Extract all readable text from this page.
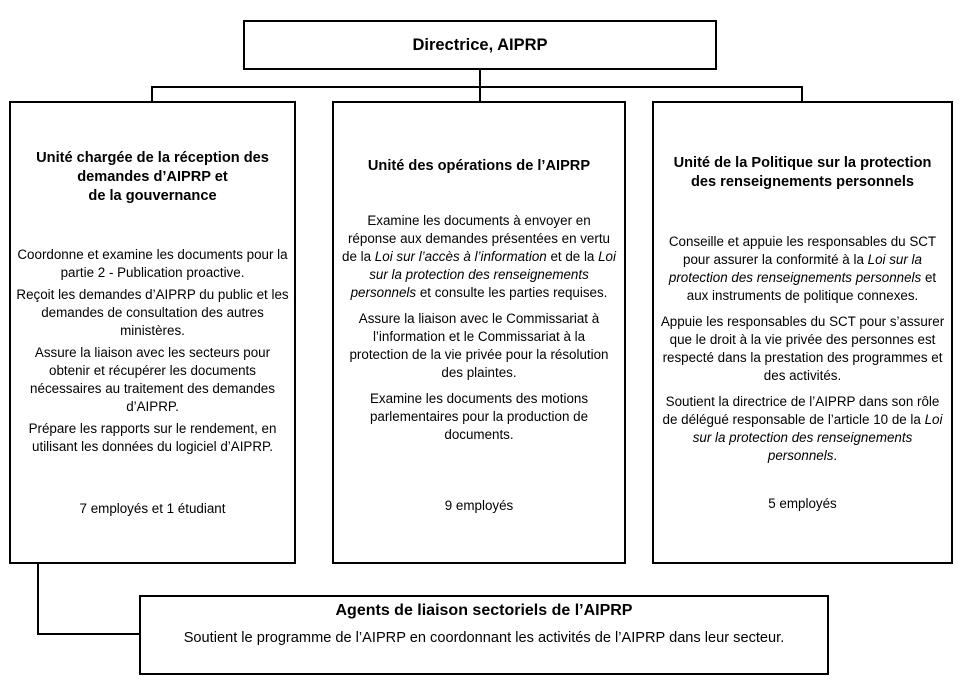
Directrice, AIPRP
Unité chargée de la réception des
demandes d’AIPRP et
de la gouvernance
Coordonne et examine les documents pour la partie 2 - Publication proactive.
Reçoit les demandes d’AIPRP du public et les demandes de consultation des autres ministères.
Assure la liaison avec les secteurs pour obtenir et récupérer les documents nécessaires au traitement des demandes d’AIPRP.
Prépare les rapports sur le rendement, en utilisant les données du logiciel d’AIPRP.
7 employés et 1 étudiant
Unité des opérations de l’AIPRP
Examine les documents à envoyer en réponse aux demandes présentées en vertu de la Loi sur l’accès à l’information et de la Loi sur la protection des renseignements personnels et consulte les parties requises.
Assure la liaison avec le Commissariat à l’information et le Commissariat à la protection de la vie privée pour la résolution des plaintes.
Examine les documents des motions parlementaires pour la production de documents.
9 employés
Unité de la Politique sur la protection
des renseignements personnels
Conseille et appuie les responsables du SCT pour assurer la conformité à la Loi sur la protection des renseignements personnels et aux instruments de politique connexes.
Appuie les responsables du SCT pour s’assurer que le droit à la vie privée des personnes est respecté dans la prestation des programmes et des activités.
Soutient la directrice de l’AIPRP dans son rôle de délégué responsable de l’article 10 de la Loi sur la protection des renseignements personnels.
5 employés
Agents de liaison sectoriels de l’AIPRP
Soutient le programme de l’AIPRP en coordonnant les activités de l’AIPRP dans leur secteur.
